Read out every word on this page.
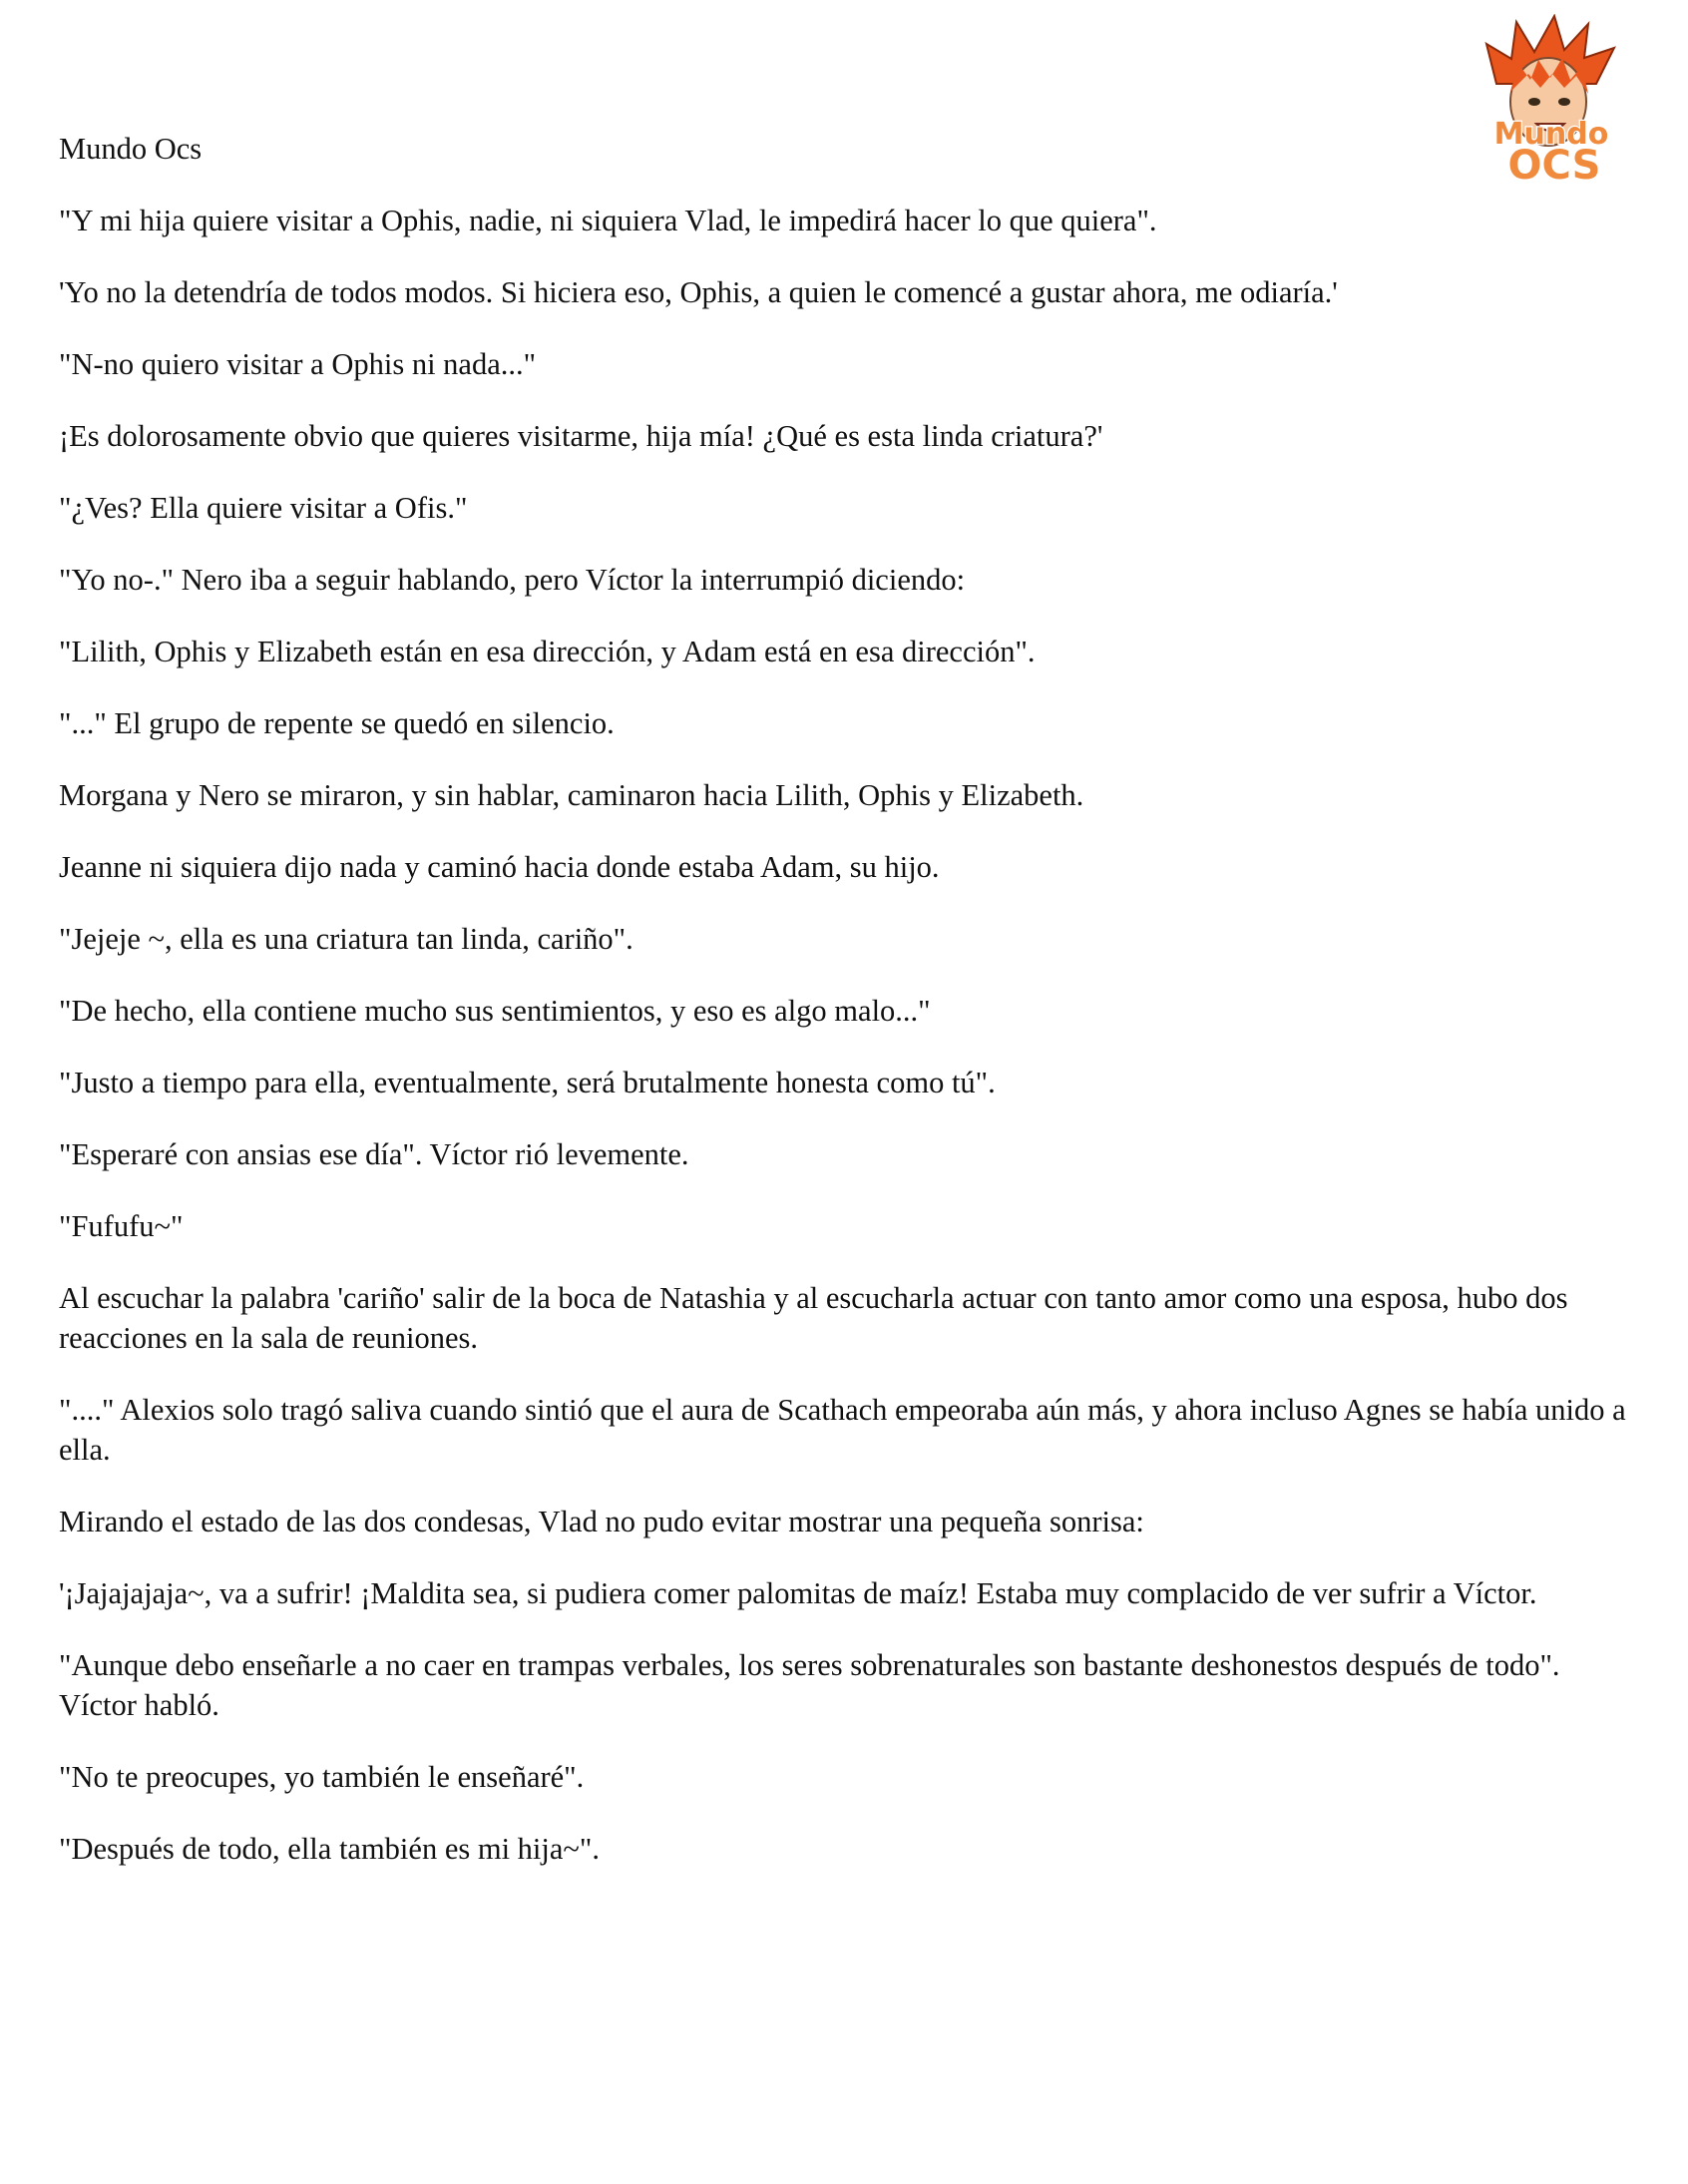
Mundo
OCS

Mundo Ocs

"Y mi hija quiere visitar a Ophis, nadie, ni siquiera Vlad, le impedirá hacer lo que quiera".

'Yo no la detendría de todos modos. Si hiciera eso, Ophis, a quien le comencé a gustar ahora, me odiaría.'

"N-no quiero visitar a Ophis ni nada..."

¡Es dolorosamente obvio que quieres visitarme, hija mía! ¿Qué es esta linda criatura?'

"¿Ves? Ella quiere visitar a Ofis."

"Yo no-." Nero iba a seguir hablando, pero Víctor la interrumpió diciendo:

"Lilith, Ophis y Elizabeth están en esa dirección, y Adam está en esa dirección".

"..." El grupo de repente se quedó en silencio.

Morgana y Nero se miraron, y sin hablar, caminaron hacia Lilith, Ophis y Elizabeth.

Jeanne ni siquiera dijo nada y caminó hacia donde estaba Adam, su hijo.

"Jejeje ~, ella es una criatura tan linda, cariño".

"De hecho, ella contiene mucho sus sentimientos, y eso es algo malo..."

"Justo a tiempo para ella, eventualmente, será brutalmente honesta como tú".

"Esperaré con ansias ese día". Víctor rió levemente.

"Fufufu~"

Al escuchar la palabra 'cariño' salir de la boca de Natashia y al escucharla actuar con tanto amor como una esposa, hubo dos reacciones en la sala de reuniones.

"...." Alexios solo tragó saliva cuando sintió que el aura de Scathach empeoraba aún más, y ahora incluso Agnes se había unido a ella.

Mirando el estado de las dos condesas, Vlad no pudo evitar mostrar una pequeña sonrisa:

'¡Jajajajaja~, va a sufrir! ¡Maldita sea, si pudiera comer palomitas de maíz! Estaba muy complacido de ver sufrir a Víctor.

"Aunque debo enseñarle a no caer en trampas verbales, los seres sobrenaturales son bastante deshonestos después de todo". Víctor habló.

"No te preocupes, yo también le enseñaré".

"Después de todo, ella también es mi hija~".
